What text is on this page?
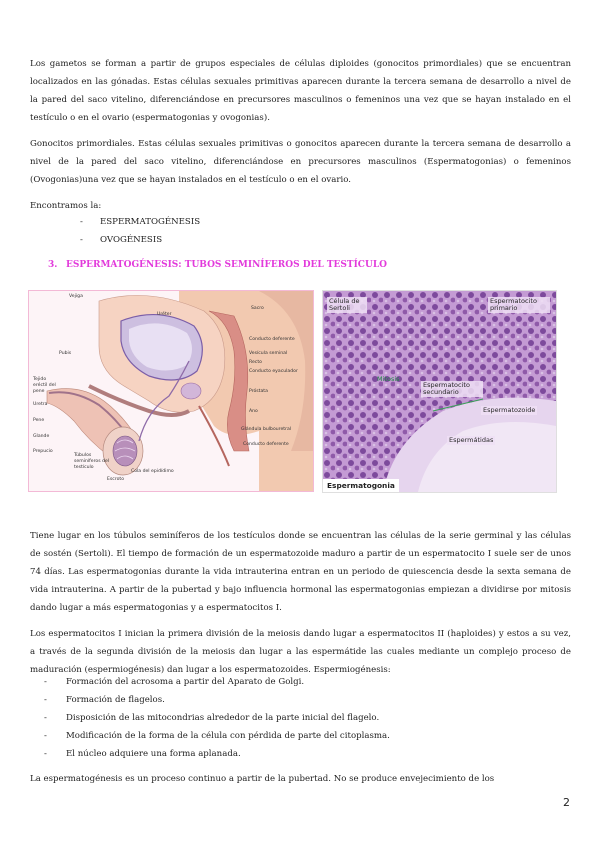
Los gametos se forman a partir de grupos especiales de células diploides (gonocitos primordiales) que se encuentran localizados en las gónadas. Estas células sexuales primitivas aparecen durante la tercera semana de desarrollo a nivel de la pared del saco vitelino, diferenciándose en precursores masculinos o femeninos una vez que se hayan instalado en el testículo o en el ovario (espermatogonias y ovogonias).

Gonocitos primordiales. Estas células sexuales primitivas o gonocitos aparecen durante la tercera semana de desarrollo a nivel de la pared del saco vitelino, diferenciándose en precursores masculinos (Espermatogonias) o femeninos (Ovogonias)una vez que se hayan instalados en el testículo o en el ovario.

Encontramos la:

- ESPERMATOGÉNESIS
- OVOGÉNESIS
3. ESPERMATOGÉNESIS: TUBOS SEMINÍFEROS DEL TESTÍCULO
Vejiga
Uréter
Sacro
Conducto deferente
Vesícula seminal
Recto
Conducto eyaculador
Pubis
Próstata
Tejido eréctil del pene
Uretra
Ano
Pene
Glándula bulbouretral
Glande
Conducto deferente
Prepucio
Túbulos seminíferos del testículo
Cola del epidídimo
Escroto
Célula de Sertoli
Espermatocito primario
Mitosis
Espermatocito secundario
Espermatozoide
Espermátidas
Espermatogonia

Tiene lugar en los túbulos seminíferos de los testículos donde se encuentran las células de la serie germinal y las células de sostén (Sertoli). El tiempo de formación de un espermatozoide maduro a partir de un espermatocito I suele ser de unos 74 días. Las espermatogonias durante la vida intrauterina entran en un periodo de quiescencia desde la sexta semana de vida intrauterina. A partir de la pubertad y bajo influencia hormonal las espermatogonias empiezan a dividirse por mitosis dando lugar a más espermatogonias y a espermatocitos I.

Los espermatocitos I inician la primera división de la meiosis dando lugar a espermatocitos II (haploides) y estos a su vez, a través de la segunda división de la meiosis dan lugar a las espermátide las cuales mediante un complejo proceso de maduración (espermiogénesis) dan lugar a los espermatozoides. Espermiogénesis:

- Formación del acrosoma a partir del Aparato de Golgi.
- Formación de flagelos.
- Disposición de las mitocondrias alrededor de la parte inicial del flagelo.
- Modificación de la forma de la célula con pérdida de parte del citoplasma.
- El núcleo adquiere una forma aplanada.

La espermatogénesis es un proceso continuo a partir de la pubertad. No se produce envejecimiento de los

2
